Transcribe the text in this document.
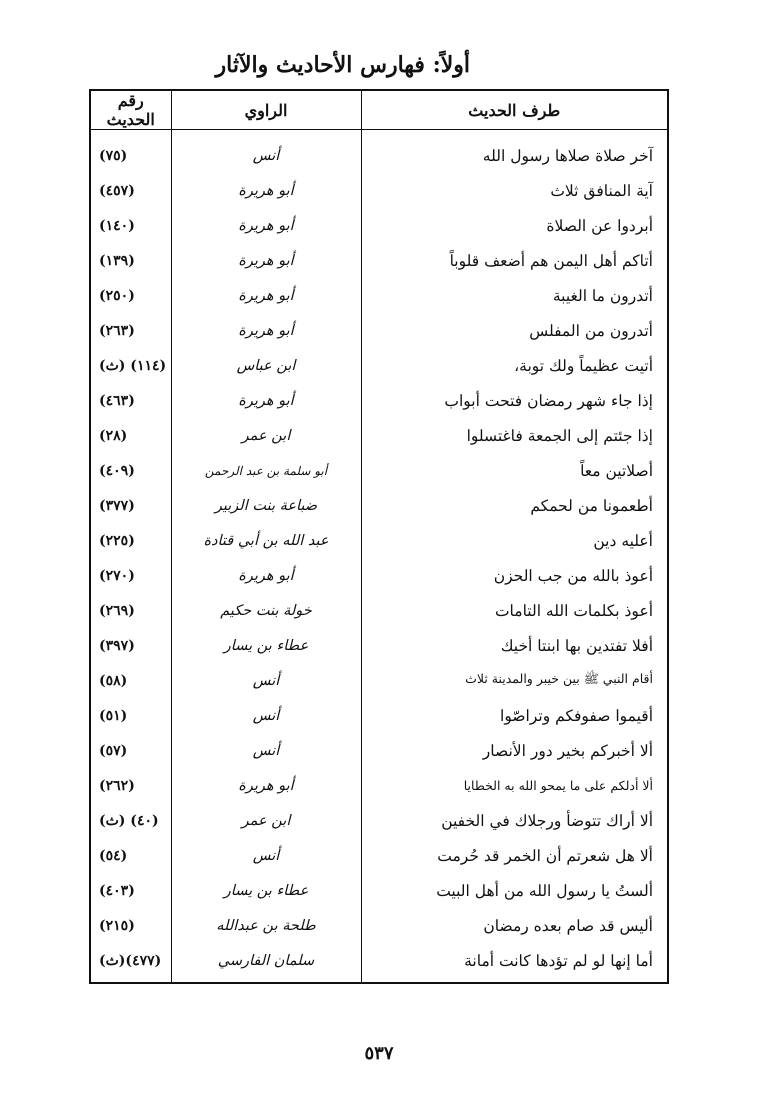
أولاً: فهارس الأحاديث والآثار
طرف الحديث	الراوي	رقم الحديث
آخر صلاة صلاها رسول الله	أنس	(٧٥)
آية المنافق ثلاث	أبو هريرة	(٤٥٧)
أبردوا عن الصلاة	أبو هريرة	(١٤٠)
أتاكم أهل اليمن هم أضعف قلوباً	أبو هريرة	(١٣٩)
أتدرون ما الغيبة	أبو هريرة	(٢٥٠)
أتدرون من المفلس	أبو هريرة	(٢٦٣)
أتيت عظيماً ولك توبة،	ابن عباس	(١١٤) (ث)
إذا جاء شهر رمضان فتحت أبواب	أبو هريرة	(٤٦٣)
إذا جئتم إلى الجمعة فاغتسلوا	ابن عمر	(٢٨)
أصلاتين معاً	أبو سلمة بن عبد الرحمن	(٤٠٩)
أطعمونا من لحمكم	ضباعة بنت الزبير	(٣٧٧)
أعليه دين	عبد الله بن أبي قتادة	(٢٢٥)
أعوذ بالله من جب الحزن	أبو هريرة	(٢٧٠)
أعوذ بكلمات الله التامات	خولة بنت حكيم	(٢٦٩)
أفلا تفتدين بها ابنتا أخيك	عطاء بن يسار	(٣٩٧)
أقام النبي ﷺ بين خيبر والمدينة ثلاث	أنس	(٥٨)
أقيموا صفوفكم وتراصّوا	أنس	(٥١)
ألا أخبركم بخير دور الأنصار	أنس	(٥٧)
ألا أدلكم على ما يمحو الله به الخطايا	أبو هريرة	(٢٦٢)
ألا أراك تتوضأ ورجلاك في الخفين	ابن عمر	(٤٠) (ث)
ألا هل شعرتم أن الخمر قد حُرمت	أنس	(٥٤)
ألستُ يا رسول الله من أهل البيت	عطاء بن يسار	(٤٠٣)
أليس قد صام بعده رمضان	طلحة بن عبدالله	(٢١٥)
أما إنها لو لم تؤدها كانت أمانة	سلمان الفارسي	(٤٧٧)(ث)
٥٣٧
